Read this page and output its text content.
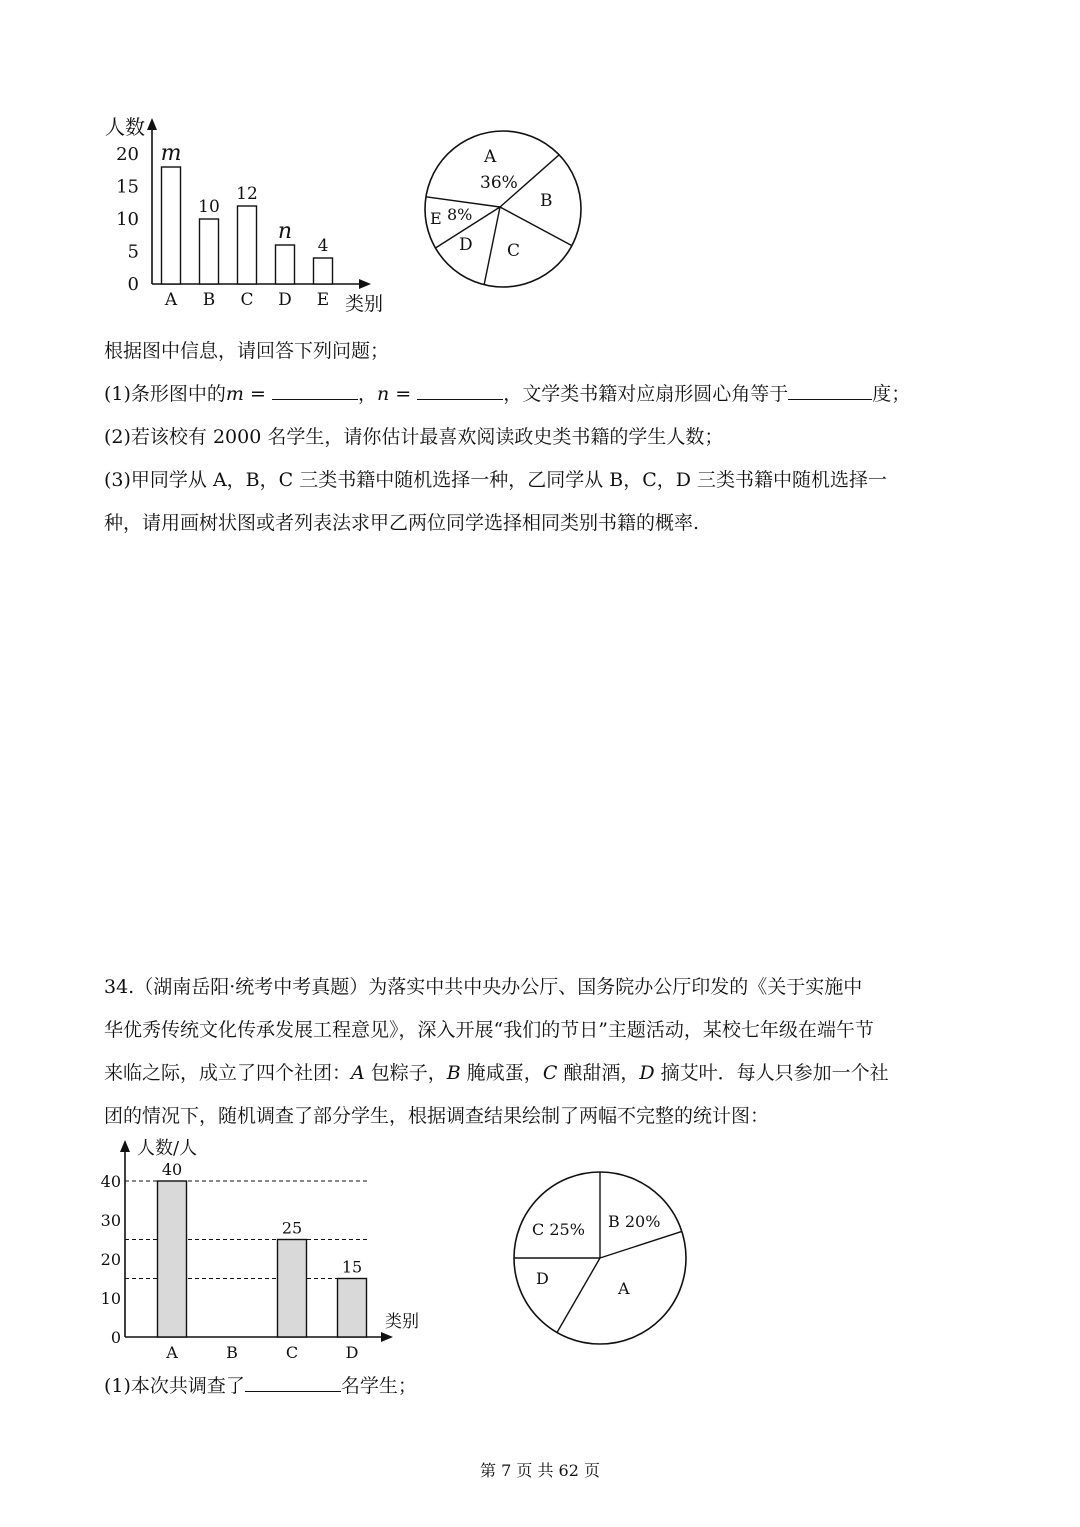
人数
类别
0
5
10
15
20 m
A
10
B
12
C
n
D
4
E
A
36%
B
C
D
E 8%
根据图中信息，请回答下列问题；
(1)条形图中的m =	，n =	，文学类书籍对应扇形圆心角等于	度；
(2)若该校有 2000 名学生，请你估计最喜欢阅读政史类书籍的学生人数；
(3)甲同学从 A，B，C 三类书籍中随机选择一种，乙同学从 B，C，D 三类书籍中随机选择一
种，请用画树状图或者列表法求甲乙两位同学选择相同类别书籍的概率.
34.（湖南岳阳·统考中考真题）为落实中共中央办公厅、国务院办公厅印发的《关于实施中
华优秀传统文化传承发展工程意见》，深入开展“我们的节日”主题活动，某校七年级在端午节
来临之际，成立了四个社团：A 包粽子，B 腌咸蛋，C 酿甜酒，D 摘艾叶．每人只参加一个社
团的情况下，随机调查了部分学生，根据调查结果绘制了两幅不完整的统计图：
人数/人
类别
0
10
20
30
40
40
A	B
25
C
15
D
C 25% B 20%
D
A
(1)本次共调查了	名学生；
第 7 页 共 62 页
